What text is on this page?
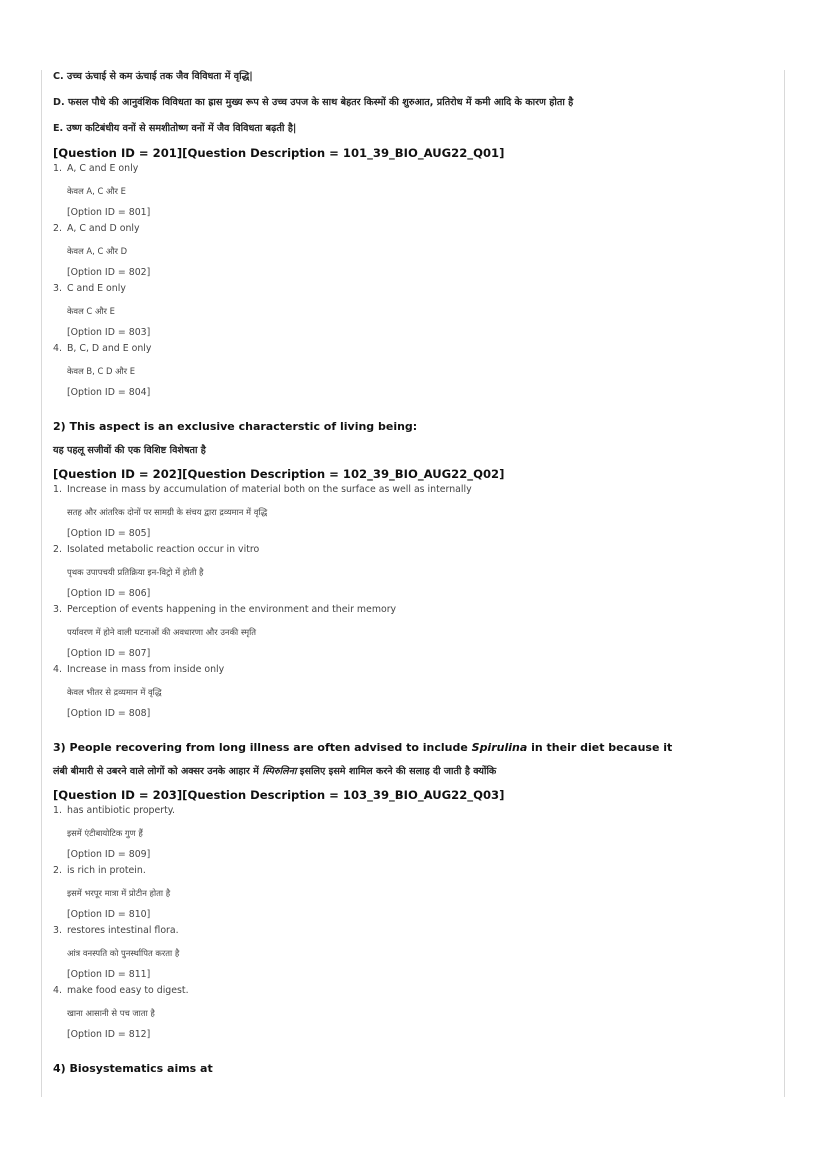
C. उच्च ऊंचाई से कम ऊंचाई तक जैव विविधता में वृद्धि|
D. फसल पौधे की आनुवंशिक विविधता का ह्रास मुख्य रूप से उच्च उपज के साथ बेहतर किस्मों की शुरुआत, प्रतिरोध में कमी आदि के कारण होता है
E. उष्ण कटिबंधीय वनों से समशीतोष्ण वनों में जैव विविधता बढ़ती है|
[Question ID = 201][Question Description = 101_39_BIO_AUG22_Q01]
1. A, C and E only
केवल A, C और E
[Option ID = 801]
2. A, C and D only
केवल A, C और D
[Option ID = 802]
3. C and E only
केवल C और E
[Option ID = 803]
4. B, C, D and E only
केवल B, C D और E
[Option ID = 804]
2) This aspect is an exclusive characterstic of living being:
यह पहलू सजीवों की एक विशिष्ट विशेषता है
[Question ID = 202][Question Description = 102_39_BIO_AUG22_Q02]
1. Increase in mass by accumulation of material both on the surface as well as internally
सतह और आंतरिक दोनों पर सामग्री के संचय द्वारा द्रव्यमान में वृद्धि
[Option ID = 805]
2. Isolated metabolic reaction occur in vitro
पृथक उपापचयी प्रतिक्रिया इन-विट्रो में होती है
[Option ID = 806]
3. Perception of events happening in the environment and their memory
पर्यावरण में होने वाली घटनाओं की अवधारणा और उनकी स्मृति
[Option ID = 807]
4. Increase in mass from inside only
केवल भीतर से द्रव्यमान में वृद्धि
[Option ID = 808]
3) People recovering from long illness are often advised to include Spirulina in their diet because it
लंबी बीमारी से उबरने वाले लोगों को अक्सर उनके आहार में स्पिरुलिना इसलिए इसमे शामिल करने की सलाह दी जाती है क्योंकि
[Question ID = 203][Question Description = 103_39_BIO_AUG22_Q03]
1. has antibiotic property.
इसमें एंटीबायोटिक गुण हैं
[Option ID = 809]
2. is rich in protein.
इसमें भरपूर मात्रा में प्रोटीन होता है
[Option ID = 810]
3. restores intestinal flora.
आंत्र वनस्पति को पुनर्स्थापित करता है
[Option ID = 811]
4. make food easy to digest.
खाना आसानी से पच जाता है
[Option ID = 812]
4) Biosystematics aims at
